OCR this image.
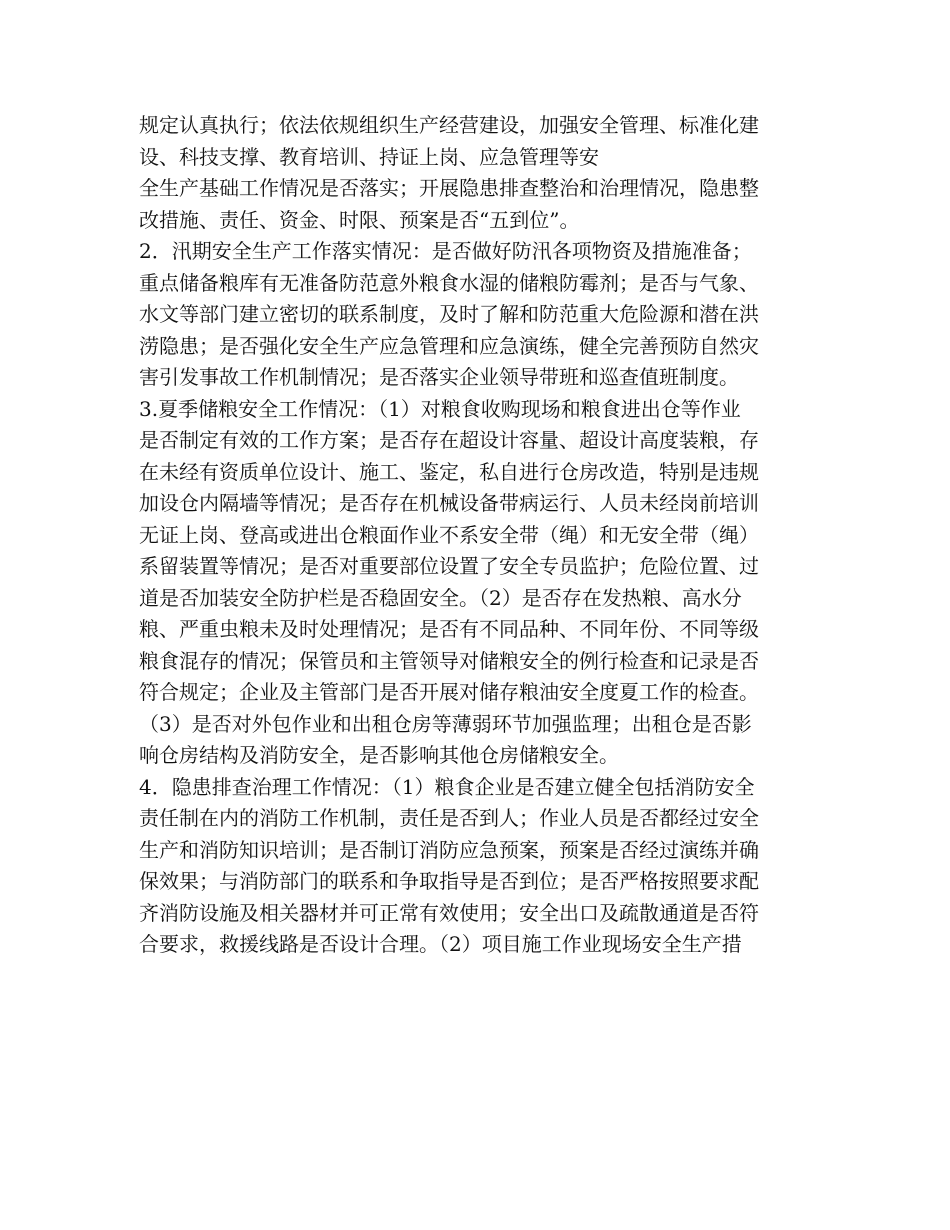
规定认真执行；依法依规组织生产经营建设，加强安全管理、标准化建
设、科技支撑、教育培训、持证上岗、应急管理等安
全生产基础工作情况是否落实；开展隐患排查整治和治理情况，隐患整
改措施、责任、资金、时限、预案是否“五到位”。
2．汛期安全生产工作落实情况：是否做好防汛各项物资及措施准备；
重点储备粮库有无准备防范意外粮食水湿的储粮防霉剂；是否与气象、
水文等部门建立密切的联系制度，及时了解和防范重大危险源和潜在洪
涝隐患；是否强化安全生产应急管理和应急演练，健全完善预防自然灾
害引发事故工作机制情况；是否落实企业领导带班和巡查值班制度。
3.夏季储粮安全工作情况：（1）对粮食收购现场和粮食进出仓等作业
是否制定有效的工作方案；是否存在超设计容量、超设计高度装粮，存
在未经有资质单位设计、施工、鉴定，私自进行仓房改造，特别是违规
加设仓内隔墙等情况；是否存在机械设备带病运行、人员未经岗前培训
无证上岗、登高或进出仓粮面作业不系安全带（绳）和无安全带（绳）
系留装置等情况；是否对重要部位设置了安全专员监护；危险位置、过
道是否加装安全防护栏是否稳固安全。（2）是否存在发热粮、高水分
粮、严重虫粮未及时处理情况；是否有不同品种、不同年份、不同等级
粮食混存的情况；保管员和主管领导对储粮安全的例行检查和记录是否
符合规定；企业及主管部门是否开展对储存粮油安全度夏工作的检查。
（3）是否对外包作业和出租仓房等薄弱环节加强监理；出租仓是否影
响仓房结构及消防安全，是否影响其他仓房储粮安全。
4．隐患排查治理工作情况：（1）粮食企业是否建立健全包括消防安全
责任制在内的消防工作机制，责任是否到人；作业人员是否都经过安全
生产和消防知识培训；是否制订消防应急预案，预案是否经过演练并确
保效果；与消防部门的联系和争取指导是否到位；是否严格按照要求配
齐消防设施及相关器材并可正常有效使用；安全出口及疏散通道是否符
合要求，救援线路是否设计合理。（2）项目施工作业现场安全生产措
